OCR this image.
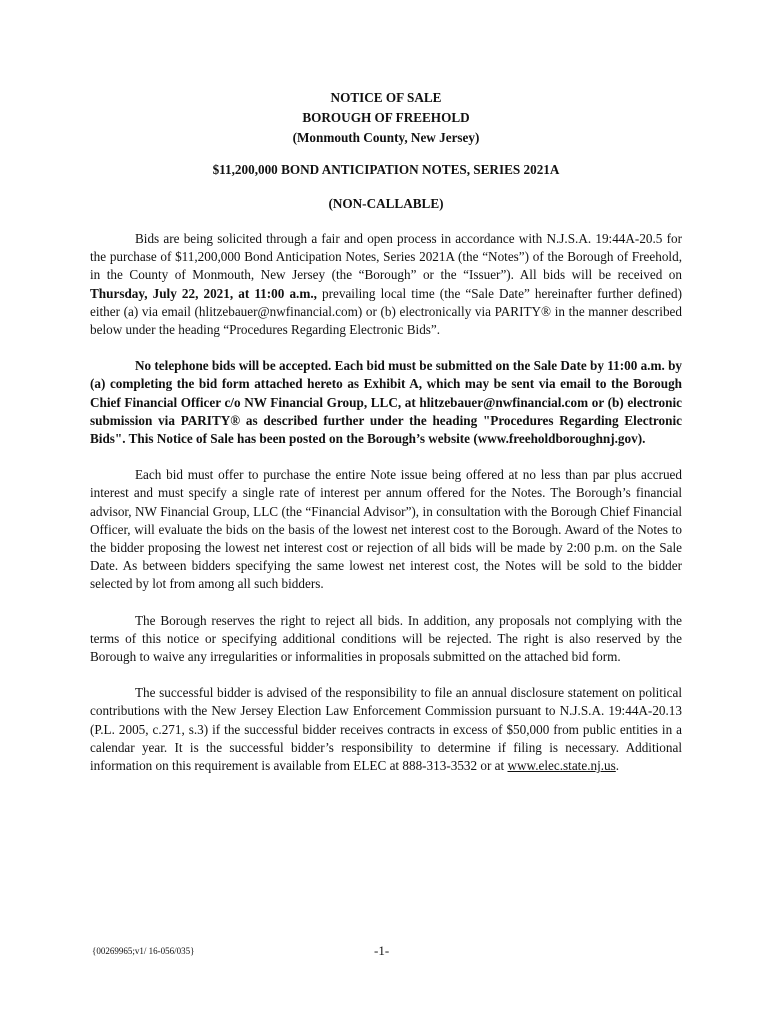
NOTICE OF SALE
BOROUGH OF FREEHOLD
(Monmouth County, New Jersey)
$11,200,000 BOND ANTICIPATION NOTES, SERIES 2021A
(NON-CALLABLE)

Bids are being solicited through a fair and open process in accordance with N.J.S.A. 19:44A-20.5 for the purchase of $11,200,000 Bond Anticipation Notes, Series 2021A (the “Notes”) of the Borough of Freehold, in the County of Monmouth, New Jersey (the “Borough” or the “Issuer”). All bids will be received on Thursday, July 22, 2021, at 11:00 a.m., prevailing local time (the “Sale Date” hereinafter further defined) either (a) via email (hlitzebauer@nwfinancial.com) or (b) electronically via PARITY® in the manner described below under the heading “Procedures Regarding Electronic Bids”.

No telephone bids will be accepted. Each bid must be submitted on the Sale Date by 11:00 a.m. by (a) completing the bid form attached hereto as Exhibit A, which may be sent via email to the Borough Chief Financial Officer c/o NW Financial Group, LLC, at hlitzebauer@nwfinancial.com or (b) electronic submission via PARITY® as described further under the heading "Procedures Regarding Electronic Bids". This Notice of Sale has been posted on the Borough’s website (www.freeholdboroughnj.gov).

Each bid must offer to purchase the entire Note issue being offered at no less than par plus accrued interest and must specify a single rate of interest per annum offered for the Notes. The Borough’s financial advisor, NW Financial Group, LLC (the “Financial Advisor”), in consultation with the Borough Chief Financial Officer, will evaluate the bids on the basis of the lowest net interest cost to the Borough. Award of the Notes to the bidder proposing the lowest net interest cost or rejection of all bids will be made by 2:00 p.m. on the Sale Date. As between bidders specifying the same lowest net interest cost, the Notes will be sold to the bidder selected by lot from among all such bidders.

The Borough reserves the right to reject all bids. In addition, any proposals not complying with the terms of this notice or specifying additional conditions will be rejected. The right is also reserved by the Borough to waive any irregularities or informalities in proposals submitted on the attached bid form.

The successful bidder is advised of the responsibility to file an annual disclosure statement on political contributions with the New Jersey Election Law Enforcement Commission pursuant to N.J.S.A. 19:44A-20.13 (P.L. 2005, c.271, s.3) if the successful bidder receives contracts in excess of $50,000 from public entities in a calendar year. It is the successful bidder’s responsibility to determine if filing is necessary. Additional information on this requirement is available from ELEC at 888-313-3532 or at www.elec.state.nj.us.

{00269965;v1/ 16-056/035}	-1-
